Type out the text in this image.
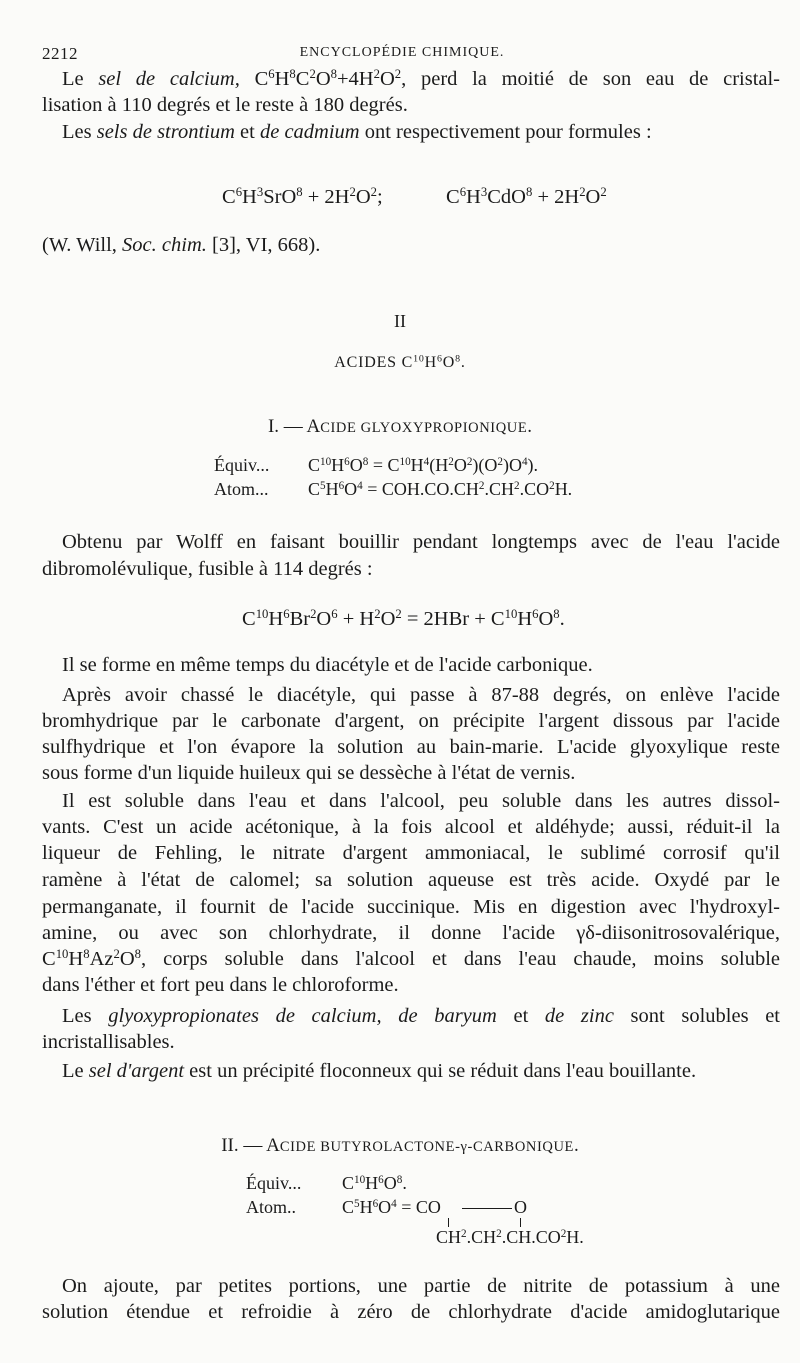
2212	ENCYCLOPÉDIE CHIMIQUE.
Le sel de calcium, $C^6H^8C^2O^8+4H^2O^2$, perd la moitié de son eau de cristal-
lisation à 110 degrés et le reste à 180 degrés.
Les sels de strontium et de cadmium ont respectivement pour formules :
$C^6H^3SrO^8 + 2H^2O^2$;	$C^6H^3CdO^8 + 2H^2O^2$
(W. Will, Soc. chim. [3], VI, 668).
II
ACIDES $C^{10}H^6O^8$.
I. — ACIDE GLYOXYPROPIONIQUE.
Équiv... $C^{10}H^6O^8 = C^{10}H^4(H^2O^2)(O^2)O^4$).
Atom... $C^5H^6O^4 = COH.CO.CH^2.CH^2.CO^2H$.
Obtenu par Wolff en faisant bouillir pendant longtemps avec de l'eau l'acide
dibromolévulique, fusible à 114 degrés :
$C^{10}H^6Br^2O^6 + H^2O^2 = 2HBr + C^{10}H^6O^8$.
Il se forme en même temps du diacétyle et de l'acide carbonique.
Après avoir chassé le diacétyle, qui passe à 87-88 degrés, on enlève l'acide
bromhydrique par le carbonate d'argent, on précipite l'argent dissous par l'acide
sulfhydrique et l'on évapore la solution au bain-marie. L'acide glyoxylique reste
sous forme d'un liquide huileux qui se dessèche à l'état de vernis.
Il est soluble dans l'eau et dans l'alcool, peu soluble dans les autres dissol-
vants. C'est un acide acétonique, à la fois alcool et aldéhyde; aussi, réduit-il la
liqueur de Fehling, le nitrate d'argent ammoniacal, le sublimé corrosif qu'il
ramène à l'état de calomel; sa solution aqueuse est très acide. Oxydé par le
permanganate, il fournit de l'acide succinique. Mis en digestion avec l'hydroxyl-
amine, ou avec son chlorhydrate, il donne l'acide γδ-diisonitrosovalérique,
$C^{10}H^8Az^2O^8$, corps soluble dans l'alcool et dans l'eau chaude, moins soluble
dans l'éther et fort peu dans le chloroforme.
Les glyoxypropionates de calcium, de baryum et de zinc sont solubles et
incristallisables.
Le sel d'argent est un précipité floconneux qui se réduit dans l'eau bouillante.
II. — ACIDE BUTYROLACTONE-γ-CARBONIQUE.
Équiv... $C^{10}H^6O^8$.
Atom..	$C^5H^6O^4$ = CO	O
$CH^2.CH^2.CH.CO^2H$.
On ajoute, par petites portions, une partie de nitrite de potassium à une
solution étendue et refroidie à zéro de chlorhydrate d'acide amidoglutarique
